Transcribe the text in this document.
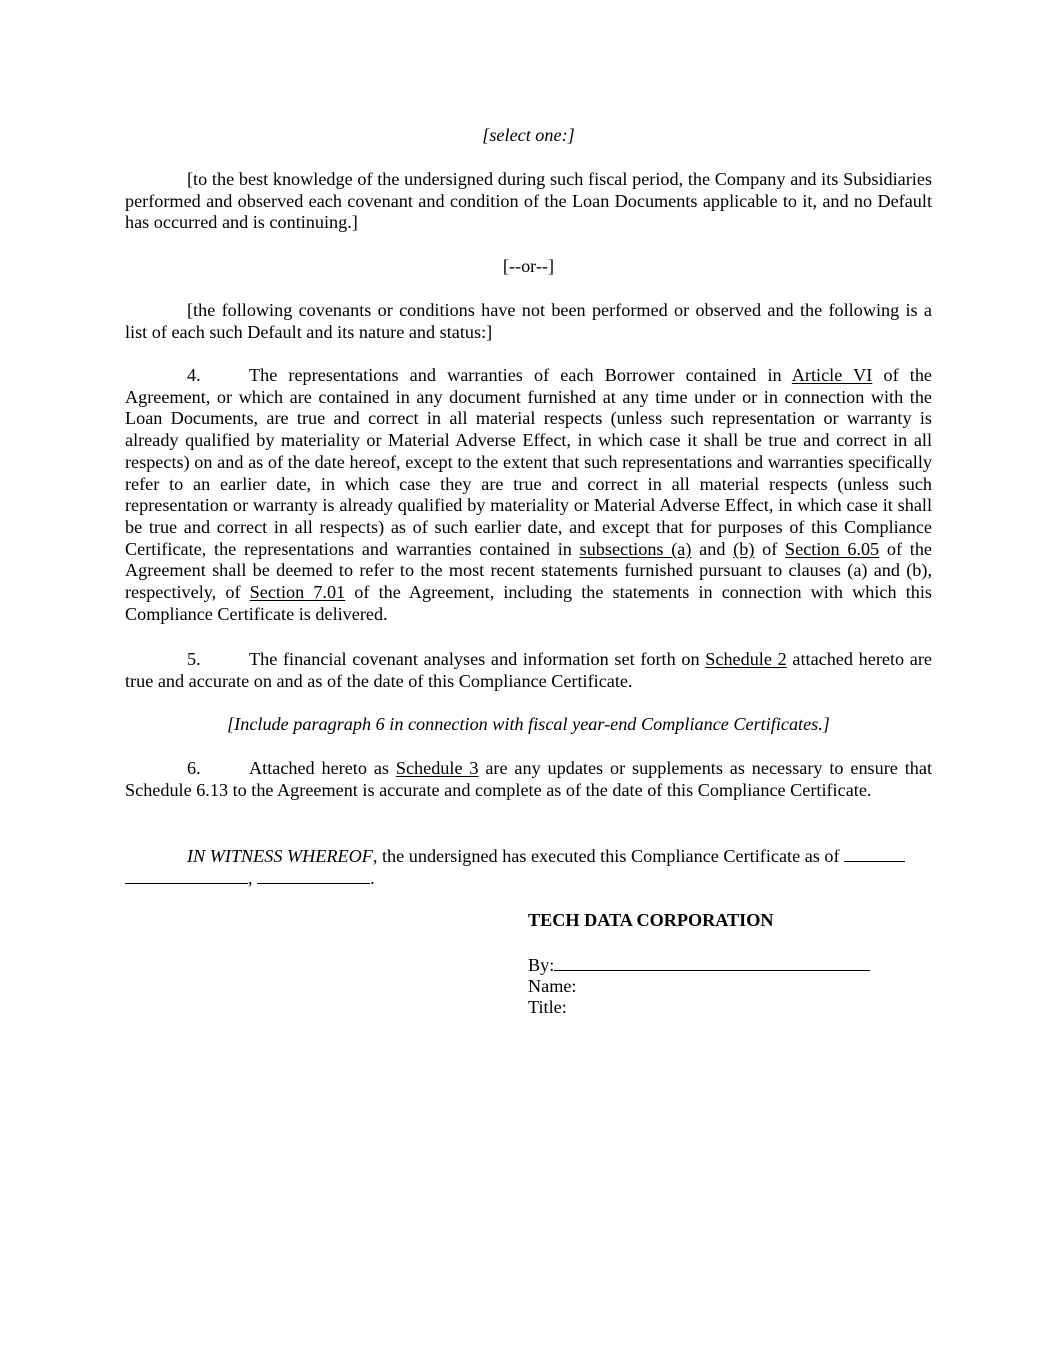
[select one:]

[to the best knowledge of the undersigned during such fiscal period, the Company and its Subsidiaries performed and observed each covenant and condition of the Loan Documents applicable to it, and no Default has occurred and is continuing.]

[--or--]

[the following covenants or conditions have not been performed or observed and the following is a list of each such Default and its nature and status:]

4.	The representations and warranties of each Borrower contained in Article VI of the Agreement, or which are contained in any document furnished at any time under or in connection with the Loan Documents, are true and correct in all material respects (unless such representation or warranty is already qualified by materiality or Material Adverse Effect, in which case it shall be true and correct in all respects) on and as of the date hereof, except to the extent that such representations and warranties specifically refer to an earlier date, in which case they are true and correct in all material respects (unless such representation or warranty is already qualified by materiality or Material Adverse Effect, in which case it shall be true and correct in all respects) as of such earlier date, and except that for purposes of this Compliance Certificate, the representations and warranties contained in subsections (a) and (b) of Section 6.05 of the Agreement shall be deemed to refer to the most recent statements furnished pursuant to clauses (a) and (b), respectively, of Section 7.01 of the Agreement, including the statements in connection with which this Compliance Certificate is delivered.

5.	The financial covenant analyses and information set forth on Schedule 2 attached hereto are true and accurate on and as of the date of this Compliance Certificate.

[Include paragraph 6 in connection with fiscal year-end Compliance Certificates.]

6.	Attached hereto as Schedule 3 are any updates or supplements as necessary to ensure that Schedule 6.13 to the Agreement is accurate and complete as of the date of this Compliance Certificate.

IN WITNESS WHEREOF, the undersigned has executed this Compliance Certificate as of
,	.
TECH DATA CORPORATION
By:
Name:
Title:
